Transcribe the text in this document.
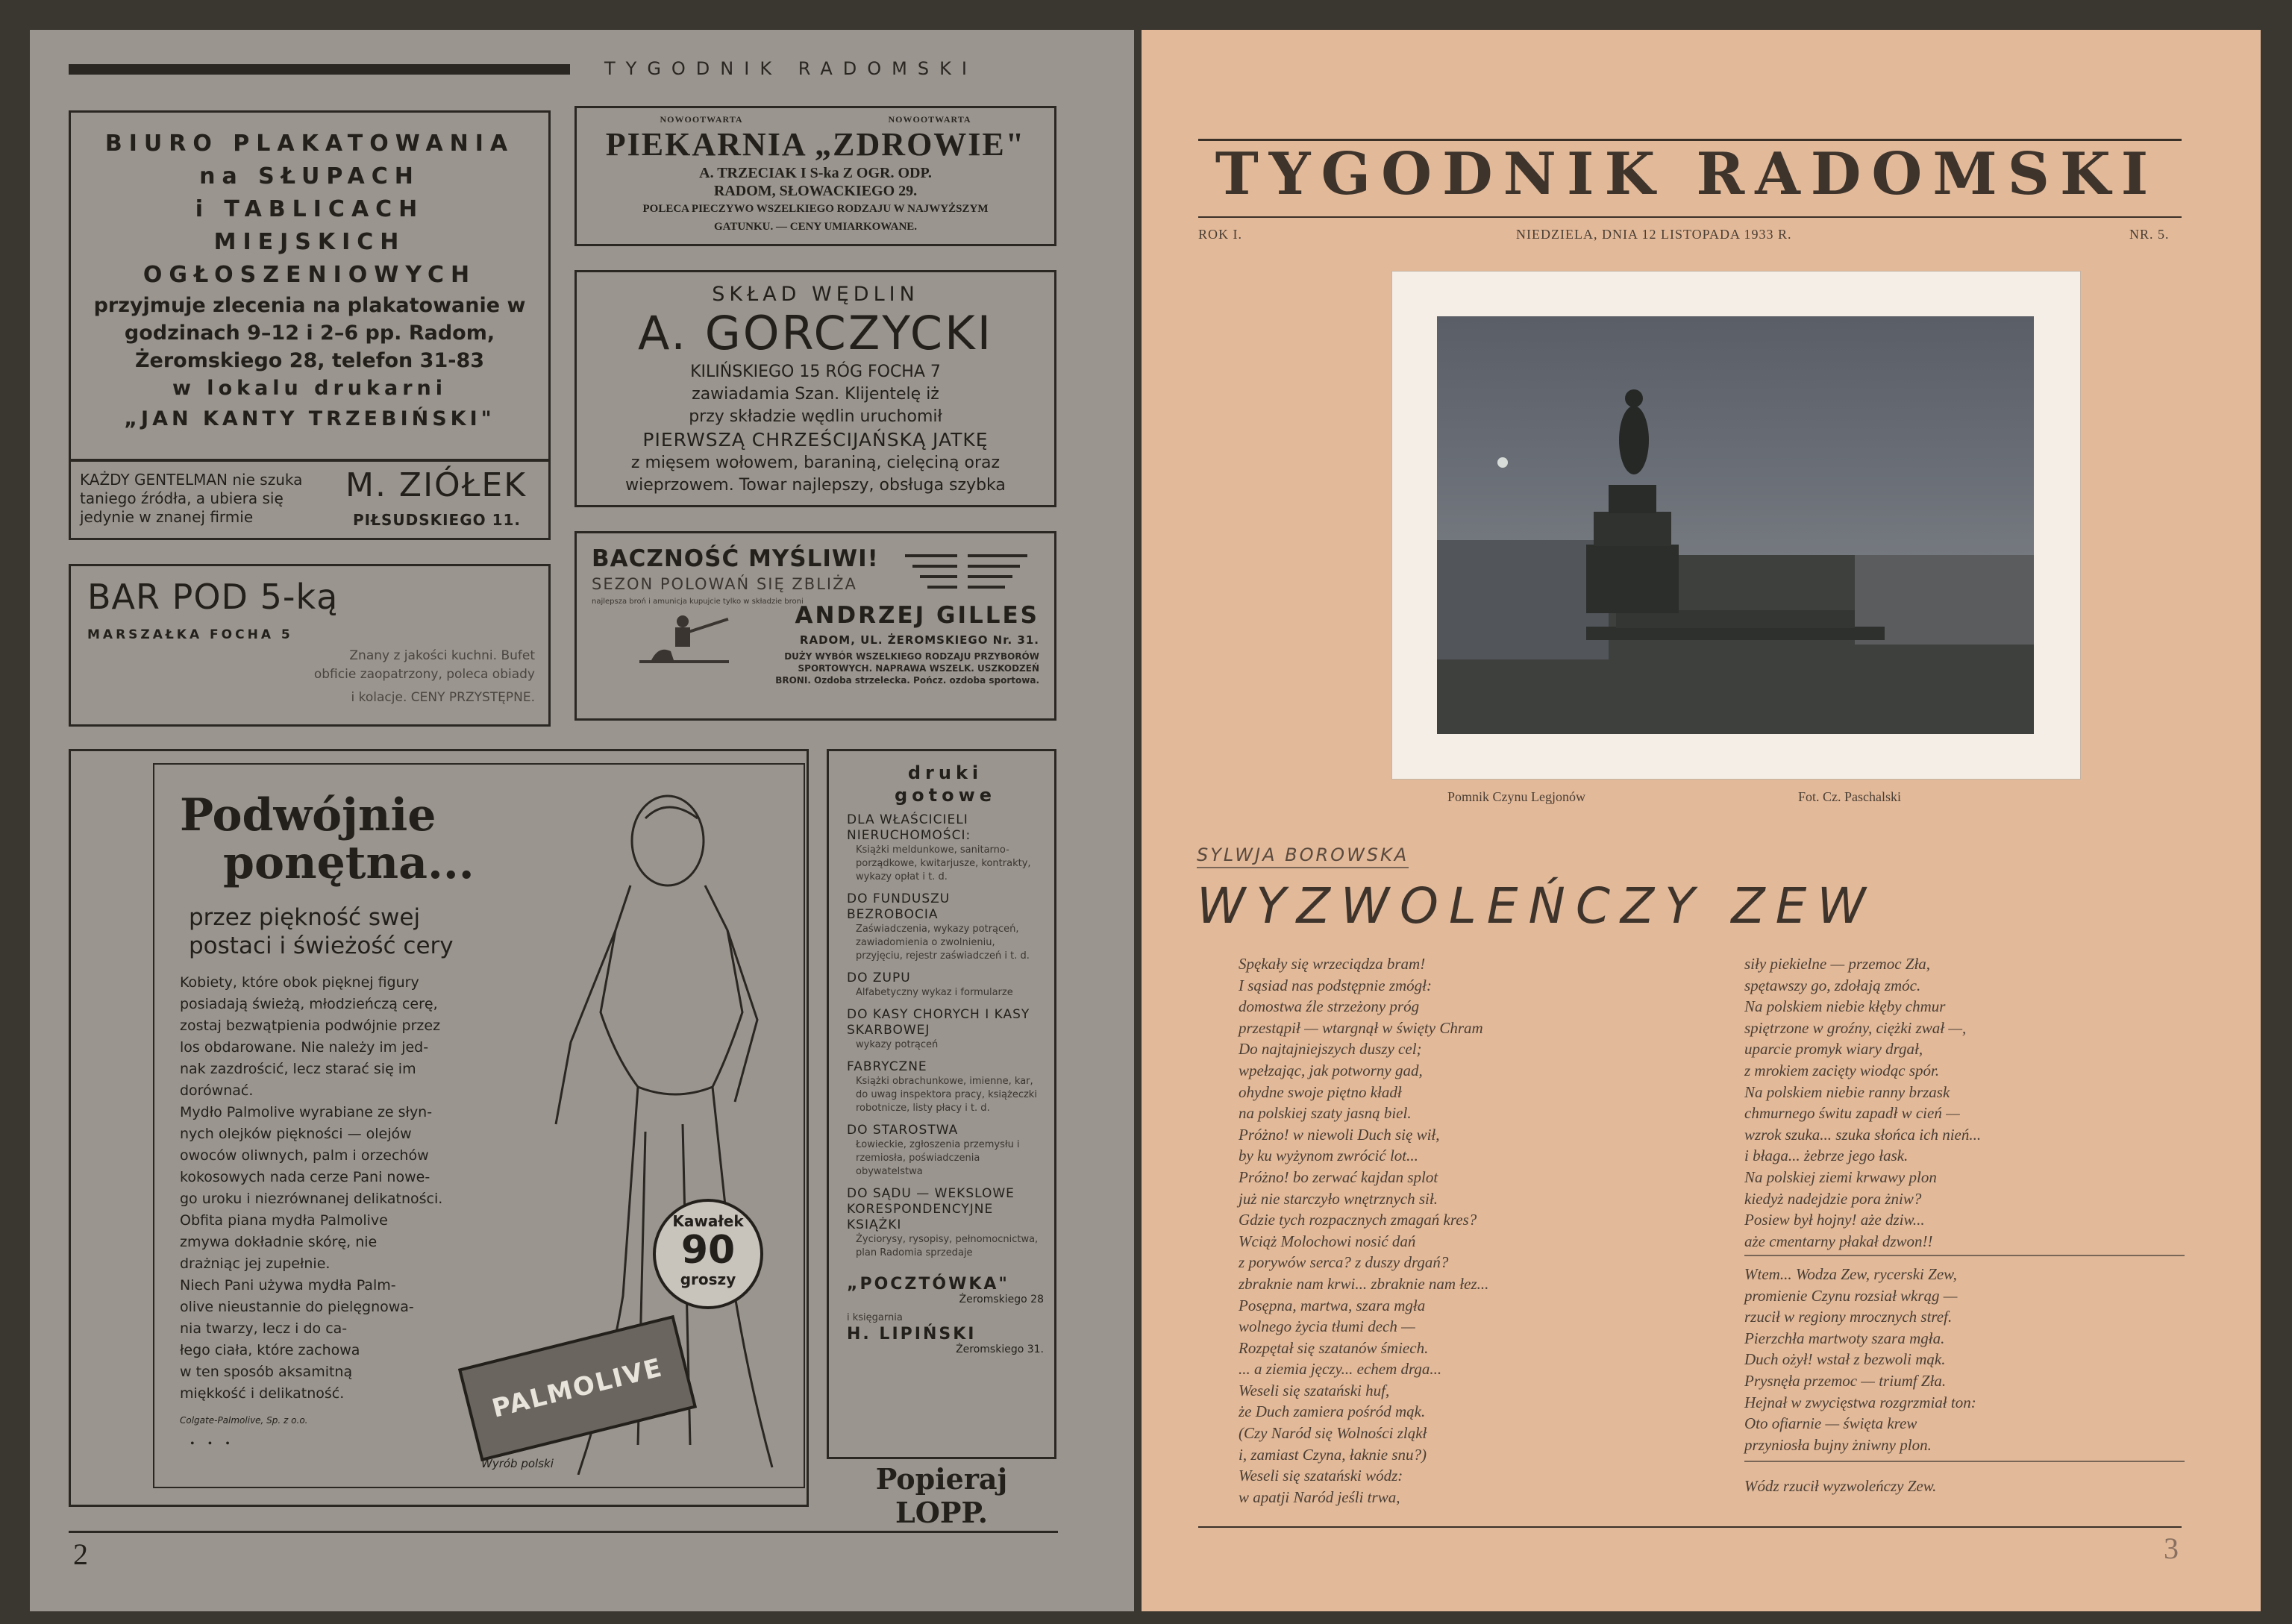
TYGODNIK RADOMSKI
BIURO PLAKATOWANIA
na SŁUPACH
i TABLICACH
MIEJSKICH
OGŁOSZENIOWYCH
przyjmuje zlecenia na plakatowanie w godzinach 9–12 i 2–6 pp. Radom, Żeromskiego 28, telefon 31-83
w lokalu drukarni
„JAN KANTY TRZEBIŃSKI"
NOWOOTWARTA	NOWOOTWARTA
PIEKARNIA „ZDROWIE"
A. TRZECIAK I S-ka Z OGR. ODP.
RADOM, SŁOWACKIEGO 29.
POLECA PIECZYWO WSZELKIEGO RODZAJU W NAJWYŻSZYM
GATUNKU. — CENY UMIARKOWANE.
SKŁAD WĘDLIN
A. GORCZYCKI
KILIŃSKIEGO 15 RÓG FOCHA 7
zawiadamia Szan. Klijentelę iż
przy składzie wędlin uruchomił
PIERWSZĄ CHRZEŚCIJAŃSKĄ JATKĘ
z mięsem wołowem, baraniną, cielęciną oraz
wieprzowem. Towar najlepszy, obsługa szybka
KAŻDY GENTELMAN nie szuka taniego źródła, a ubiera się jedynie w znanej firmie
M. ZIÓŁEK
PIŁSUDSKIEGO 11.
BAR POD 5-ką
MARSZAŁKA FOCHA 5
Znany z jakości kuchni. Bufet obficie zaopatrzony, poleca obiady
i kolacje. CENY PRZYSTĘPNE.
BACZNOŚĆ MYŚLIWI!
SEZON POLOWAŃ SIĘ ZBLIŻA
najlepsza broń i amunicja kupujcie tylko w składzie broni
ANDRZEJ GILLES
RADOM, UL. ŻEROMSKIEGO Nr. 31.
DUŻY WYBÓR WSZELKIEGO RODZAJU PRZYBORÓW
SPORTOWYCH. NAPRAWA WSZELK. USZKODZEŃ
BRONI. Ozdoba strzelecka. Pończ. ozdoba sportowa.
Podwójnie
ponętna...
przez piękność swej
postaci i świeżość cery
Kobiety, które obok pięknej figury
posiadają świeżą, młodzieńczą cerę,
zostaj bezwątpienia podwójnie przez
los obdarowane. Nie należy im jed-
nak zazdrościć, lecz starać się im
dorównać.
Mydło Palmolive wyrabiane ze słyn-
nych olejków piękności — olejów
owoców oliwnych, palm i orzechów
kokosowych nada cerze Pani nowe-
go uroku i niezrównanej delikatności.
Obfita piana mydła Palmolive
zmywa dokładnie skórę, nie
drażniąc jej zupełnie.
Niech Pani używa mydła Palm-
olive nieustannie do pielęgnowa-
nia twarzy, lecz i do ca-
łego ciała, które zachowa
w ten sposób aksamitną
miękkość i delikatność.
Colgate-Palmolive, Sp. z o.o.
•••
Kawałek
90
groszy
PALMOLIVE
Wyrób polski
druki
gotowe
DLA WŁAŚCICIELI NIERUCHOMOŚCI:
Książki meldunkowe, sanitarno-porządkowe, kwitarjusze, kontrakty, wykazy opłat i t. d.
DO FUNDUSZU BEZROBOCIA
Zaświadczenia, wykazy potrąceń, zawiadomienia o zwolnieniu, przyjęciu, rejestr zaświadczeń i t. d.
DO ZUPU
Alfabetyczny wykaz i formularze
DO KASY CHORYCH I KASY SKARBOWEJ
wykazy potrąceń
FABRYCZNE
Książki obrachunkowe, imienne, kar, do uwag inspektora pracy, książeczki robotnicze, listy płacy i t. d.
DO STAROSTWA
Łowieckie, zgłoszenia przemysłu i rzemiosła, poświadczenia obywatelstwa
DO SĄDU — WEKSLOWE KORESPONDENCYJNE KSIĄŻKI
Życiorysy, rysopisy, pełnomocnictwa, plan Radomia sprzedaje
„POCZTÓWKA"
Żeromskiego 28
i księgarnia
H. LIPIŃSKI
Żeromskiego 31.
Popieraj LOPP.
2
TYGODNIK RADOMSKI
ROK I.	NIEDZIELA, DNIA 12 LISTOPADA 1933 R.	NR. 5.
Pomnik Czynu Legjonów	Fot. Cz. Paschalski
SYLWJA BOROWSKA
WYZWOLEŃCZY ZEW
Spękały się wrzeciądza bram!
I sąsiad nas podstępnie zmógł:
domostwa źle strzeżony próg
przestąpił — wtargnął w święty Chram
Do najtajniejszych duszy cel;
wpełzając, jak potworny gad,
ohydne swoje piętno kładł
na polskiej szaty jasną biel.
Próżno! w niewoli Duch się wił,
by ku wyżynom zwrócić lot...
Próżno! bo zerwać kajdan splot
już nie starczyło wnętrznych sił.
Gdzie tych rozpacznych zmagań kres?
Wciąż Molochowi nosić dań
z porywów serca? z duszy drgań?
zbraknie nam krwi... zbraknie nam łez...
Posępna, martwa, szara mgła
wolnego życia tłumi dech —
Rozpętał się szatanów śmiech.
... a ziemia jęczy... echem drga...
Weseli się szatański huf,
że Duch zamiera pośród mąk.
(Czy Naród się Wolności zląkł
i, zamiast Czyna, łaknie snu?)
Weseli się szatański wódz:
w apatji Naród jeśli trwa,
siły piekielne — przemoc Zła,
spętawszy go, zdołają zmóc.
Na polskiem niebie kłęby chmur
spiętrzone w groźny, ciężki zwał —,
uparcie promyk wiary drgał,
z mrokiem zacięty wiodąc spór.
Na polskiem niebie ranny brzask
chmurnego świtu zapadł w cień —
wzrok szuka... szuka słońca ich nień...
i błaga... żebrze jego łask.
Na polskiej ziemi krwawy plon
kiedyż nadejdzie pora żniw?
Posiew był hojny! aże dziw...
aże cmentarny płakał dzwon!!
Wtem... Wodza Zew, rycerski Zew,
promienie Czynu rozsiał wkrąg —
rzucił w regiony mrocznych stref.
Pierzchła martwoty szara mgła.
Duch ożył! wstał z bezwoli mąk.
Prysnęła przemoc — triumf Zła.
Hejnał w zwycięstwa rozgrzmiał ton:
Oto ofiarnie — święta krew
przyniosła bujny żniwny plon.
Wódz rzucił wyzwoleńczy Zew.
3
